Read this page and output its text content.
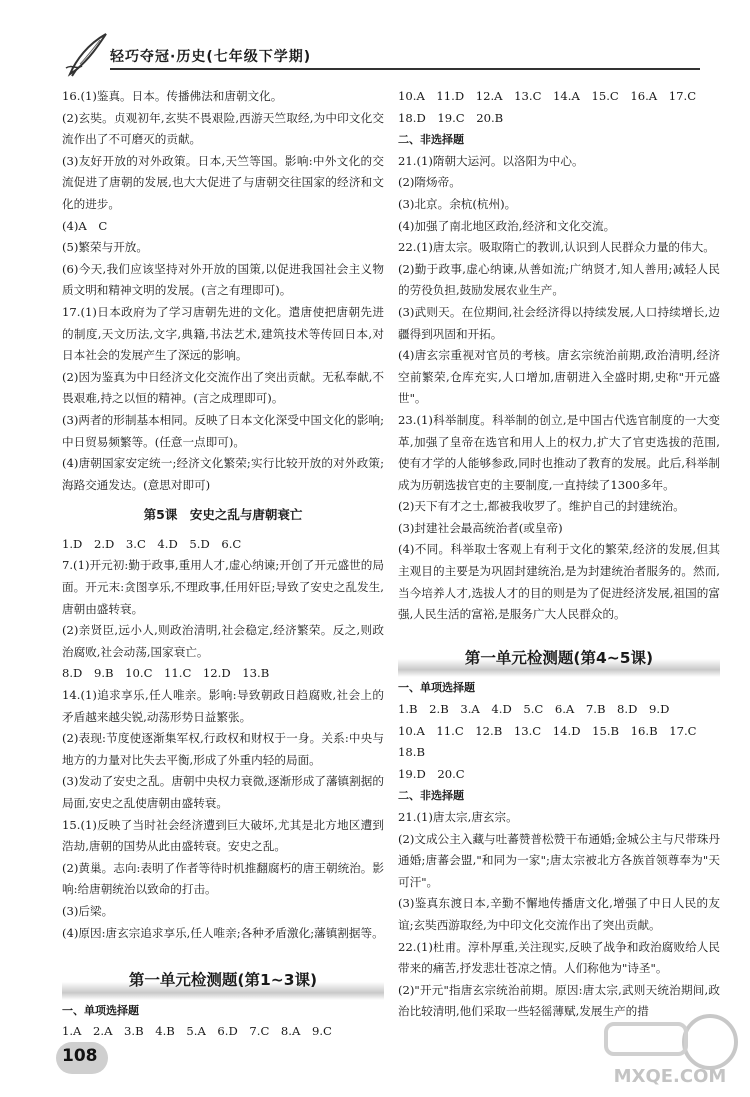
轻巧夺冠·历史(七年级下学期)

16.(1)鉴真。日本。传播佛法和唐朝文化。

(2)玄奘。贞观初年,玄奘不畏艰险,西游天竺取经,为中印文化交流作出了不可磨灭的贡献。

(3)友好开放的对外政策。日本,天竺等国。影响:中外文化的交流促进了唐朝的发展,也大大促进了与唐朝交往国家的经济和文化的进步。

(4)A　C

(5)繁荣与开放。

(6)今天,我们应该坚持对外开放的国策,以促进我国社会主义物质文明和精神文明的发展。(言之有理即可)。

17.(1)日本政府为了学习唐朝先进的文化。遣唐使把唐朝先进的制度,天文历法,文字,典籍,书法艺术,建筑技术等传回日本,对日本社会的发展产生了深远的影响。

(2)因为鉴真为中日经济文化交流作出了突出贡献。无私奉献,不畏艰难,持之以恒的精神。(言之成理即可)。

(3)两者的形制基本相同。反映了日本文化深受中国文化的影响;中日贸易频繁等。(任意一点即可)。

(4)唐朝国家安定统一;经济文化繁荣;实行比较开放的对外政策;海路交通发达。(意思对即可)

第5课　安史之乱与唐朝衰亡

1.D　2.D　3.C　4.D　5.D　6.C

7.(1)开元初:勤于政事,重用人才,虚心纳谏;开创了开元盛世的局面。开元末:贪图享乐,不理政事,任用奸臣;导致了安史之乱发生,唐朝由盛转衰。

(2)亲贤臣,远小人,则政治清明,社会稳定,经济繁荣。反之,则政治腐败,社会动荡,国家衰亡。

8.D　9.B　10.C　11.C　12.D　13.B

14.(1)追求享乐,任人唯亲。影响:导致朝政日趋腐败,社会上的矛盾越来越尖锐,动荡形势日益繁张。

(2)表现:节度使逐渐集军权,行政权和财权于一身。关系:中央与地方的力量对比失去平衡,形成了外重内轻的局面。

(3)发动了安史之乱。唐朝中央权力衰微,逐渐形成了藩镇割据的局面,安史之乱使唐朝由盛转衰。

15.(1)反映了当时社会经济遭到巨大破坏,尤其是北方地区遭到浩劫,唐朝的国势从此由盛转衰。安史之乱。

(2)黄巢。志向:表明了作者等待时机推翻腐朽的唐王朝统治。影响:给唐朝统治以致命的打击。

(3)后梁。

(4)原因:唐玄宗追求享乐,任人唯亲;各种矛盾激化;藩镇割据等。

第一单元检测题(第1~3课)

一、单项选择题

1.A　2.A　3.B　4.B　5.A　6.D　7.C　8.A　9.C

10.A　11.D　12.A　13.C　14.A　15.C　16.A　17.C

18.D　19.C　20.B

二、非选择题

21.(1)隋朝大运河。以洛阳为中心。

(2)隋炀帝。

(3)北京。余杭(杭州)。

(4)加强了南北地区政治,经济和文化交流。

22.(1)唐太宗。吸取隋亡的教训,认识到人民群众力量的伟大。

(2)勤于政事,虚心纳谏,从善如流;广纳贤才,知人善用;减轻人民的劳役负担,鼓励发展农业生产。

(3)武则天。在位期间,社会经济得以持续发展,人口持续增长,边疆得到巩固和开拓。

(4)唐玄宗重视对官员的考核。唐玄宗统治前期,政治清明,经济空前繁荣,仓库充实,人口增加,唐朝进入全盛时期,史称"开元盛世"。

23.(1)科举制度。科举制的创立,是中国古代选官制度的一大变革,加强了皇帝在选官和用人上的权力,扩大了官吏选拔的范围,使有才学的人能够参政,同时也推动了教育的发展。此后,科举制成为历朝选拔官吏的主要制度,一直持续了1300多年。

(2)天下有才之士,都被我收罗了。维护自己的封建统治。

(3)封建社会最高统治者(或皇帝)

(4)不同。科举取士客观上有利于文化的繁荣,经济的发展,但其主观目的主要是为巩固封建统治,是为封建统治者服务的。然而,当今培养人才,选拔人才的目的则是为了促进经济发展,祖国的富强,人民生活的富裕,是服务广大人民群众的。

第一单元检测题(第4~5课)

一、单项选择题

1.B　2.B　3.A　4.D　5.C　6.A　7.B　8.D　9.D

10.A　11.C　12.B　13.C　14.D　15.B　16.B　17.C　18.B

19.D　20.C

二、非选择题

21.(1)唐太宗,唐玄宗。

(2)文成公主入藏与吐蕃赞普松赞干布通婚;金城公主与尺带珠丹通婚;唐蕃会盟,"和同为一家";唐太宗被北方各族首领尊奉为"天可汗"。

(3)鉴真东渡日本,辛勤不懈地传播唐文化,增强了中日人民的友谊;玄奘西游取经,为中印文化交流作出了突出贡献。

22.(1)杜甫。淳朴厚重,关注现实,反映了战争和政治腐败给人民带来的痛苦,抒发悲壮苍凉之情。人们称他为"诗圣"。

(2)"开元"指唐玄宗统治前期。原因:唐太宗,武则天统治期间,政治比较清明,他们采取一些轻徭薄赋,发展生产的措

108
MXQE.COM
